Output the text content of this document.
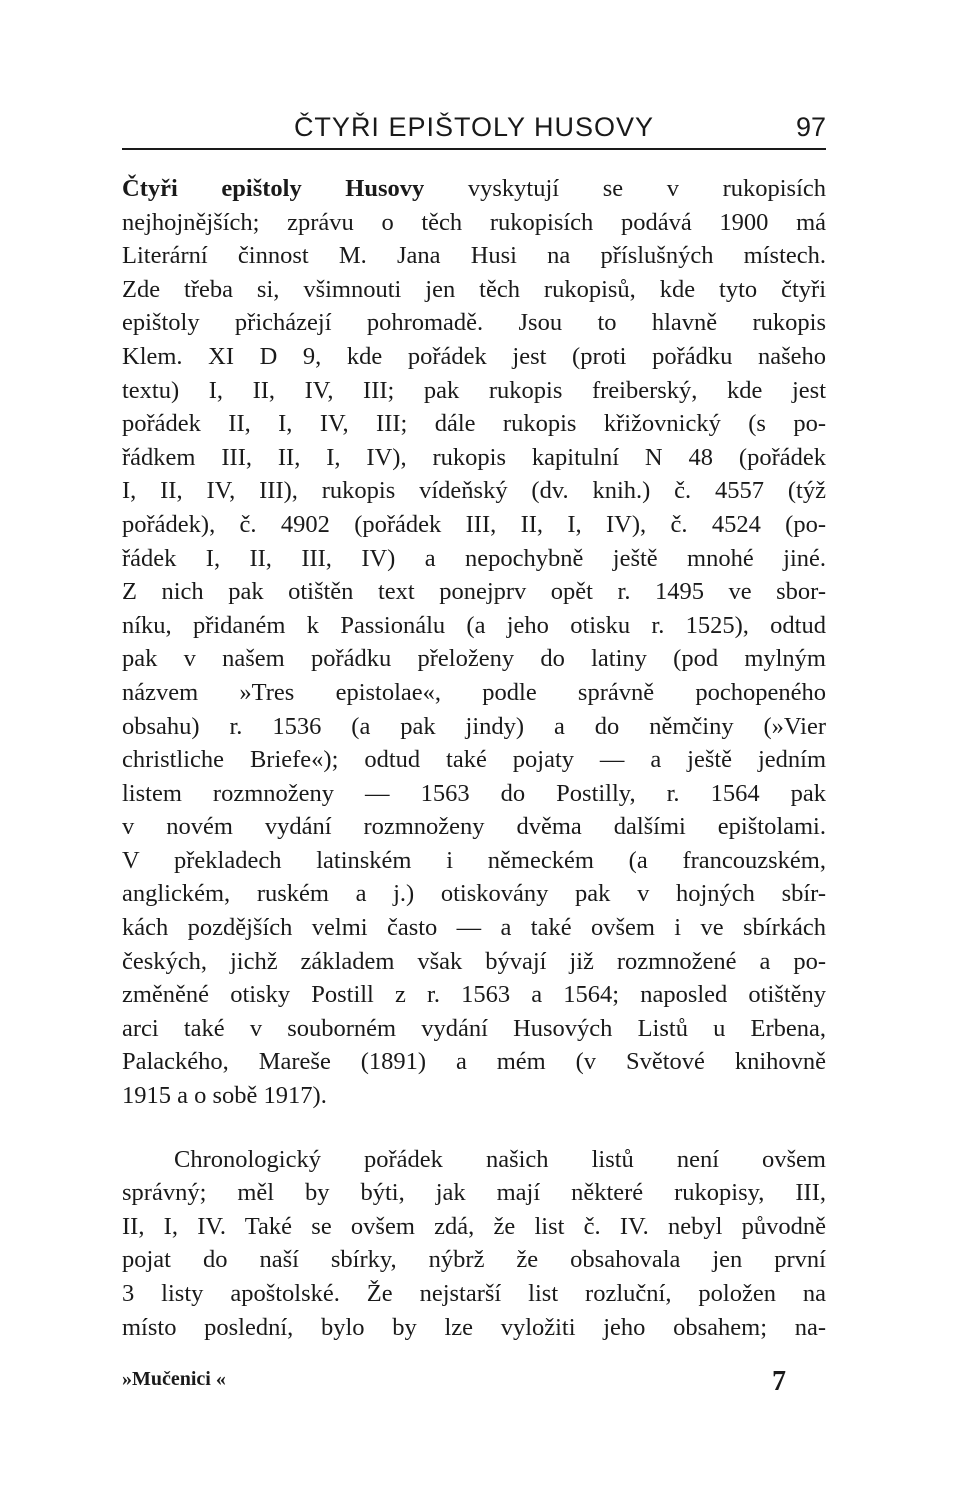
ČTYŘI EPIŠTOLY HUSOVY	97
Čtyři epištoly Husovy vyskytují se v rukopisích
nejhojnějších; zprávu o těch rukopisích podává 1900 má
Literární činnost M. Jana Husi na příslušných místech.
Zde třeba si, všimnouti jen těch rukopisů, kde tyto čtyři
epištoly přicházejí pohromadě. Jsou to hlavně rukopis
Klem. XI D 9, kde pořádek jest (proti pořádku našeho
textu) I, II, IV, III; pak rukopis freiberský, kde jest
pořádek II, I, IV, III; dále rukopis křižovnický (s po-
řádkem III, II, I, IV), rukopis kapitulní N 48 (pořádek
I, II, IV, III), rukopis vídeňský (dv. knih.) č. 4557 (týž
pořádek), č. 4902 (pořádek III, II, I, IV), č. 4524 (po-
řádek I, II, III, IV) a nepochybně ještě mnohé jiné.
Z nich pak otištěn text ponejprv opět r. 1495 ve sbor-
níku, přidaném k Passionálu (a jeho otisku r. 1525), odtud
pak v našem pořádku přeloženy do latiny (pod mylným
názvem »Tres epistolae«, podle správně pochopeného
obsahu) r. 1536 (a pak jindy) a do němčiny (»Vier
christliche Briefe«); odtud také pojaty — a ještě jedním
listem rozmnoženy — 1563 do Postilly, r. 1564 pak
v novém vydání rozmnoženy dvěma dalšími epištolami.
V překladech latinském i německém (a francouzském,
anglickém, ruském a j.) otiskovány pak v hojných sbír-
kách pozdějších velmi často — a také ovšem i ve sbírkách
českých, jichž základem však bývají již rozmnožené a po-
změněné otisky Postill z r. 1563 a 1564; naposled otištěny
arci také v souborném vydání Husových Listů u Erbena,
Palackého, Mareše (1891) a mém (v Světové knihovně
1915 a o sobě 1917).
Chronologický pořádek našich listů není ovšem
správný; měl by býti, jak mají některé rukopisy, III,
II, I, IV. Také se ovšem zdá, že list č. IV. nebyl původně
pojat do naší sbírky, nýbrž že obsahovala jen první
3 listy apoštolské. Že nejstarší list rozluční, položen na
místo poslední, bylo by lze vyložiti jeho obsahem; na-
»Mučenici «	7
